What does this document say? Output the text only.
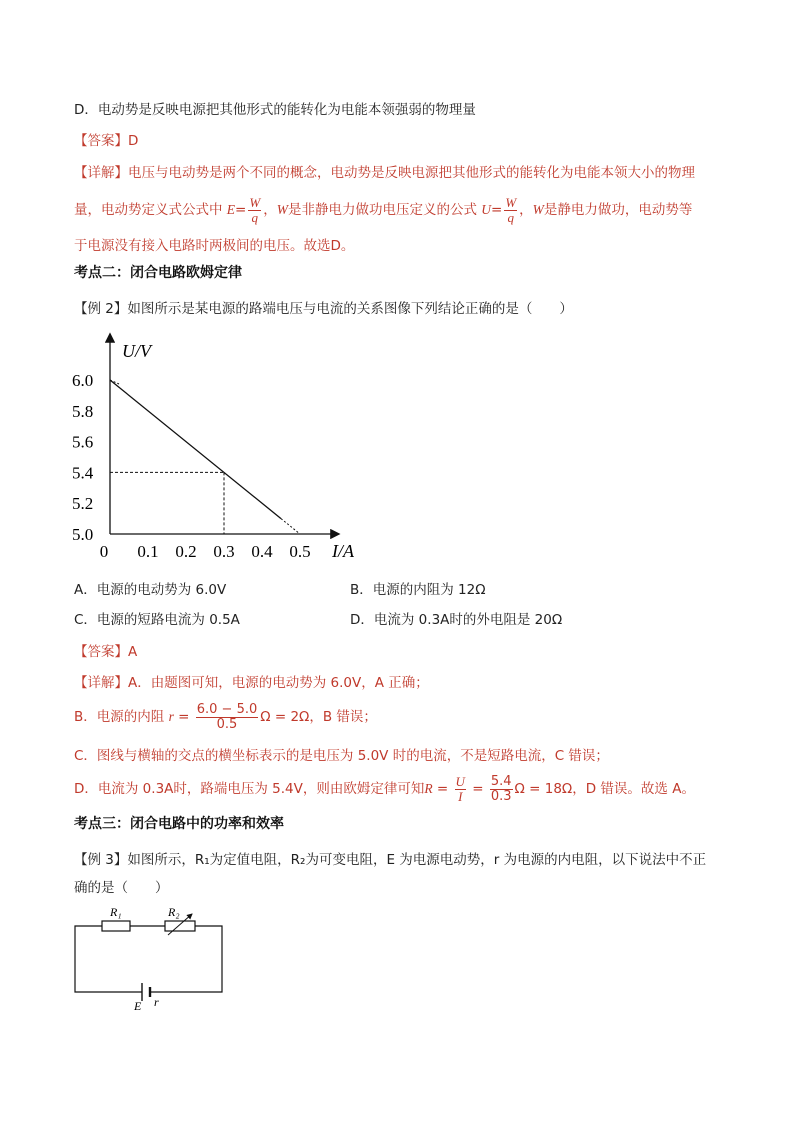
D．电动势是反映电源把其他形式的能转化为电能本领强弱的物理量
【答案】D
【详解】电压与电动势是两个不同的概念，电动势是反映电源把其他形式的能转化为电能本领大小的物理
量，电动势定义式公式中 $E= \frac{W}{q}$ ，W是非静电力做功电压定义的公式 $U= \frac{W}{q}$ ，W是静电力做功，电动势等
于电源没有接入电路时两极间的电压。故选D。
考点二：闭合电路欧姆定律
【例 2】如图所示是某电源的路端电压与电流的关系图像下列结论正确的是（　　）
U/V
I/A
6.0
5.8
5.6
5.4
5.2
5.0
0 0.1 0.2 0.3 0.4 0.5
A．电源的电动势为 6.0V	B．电源的内阻为 12Ω
C．电源的短路电流为 0.5A	D．电流为 0.3A时的外电阻是 20Ω
【答案】A
【详解】A．由题图可知，电源的电动势为 6.0V，A 正确；
B．电源的内阻 $r = \frac{6.0 - 5.0}{0.5}$ Ω = 2Ω，B 错误；
C．图线与横轴的交点的横坐标表示的是电压为 5.0V 时的电流，不是短路电流，C 错误；
D．电流为 0.3A时，路端电压为 5.4V，则由欧姆定律可知$R = \frac{U}{I} = \frac{5.4}{0.3}$ Ω = 18Ω，D 错误。故选 A。
考点三：闭合电路中的功率和效率
【例 3】如图所示，R₁为定值电阻，R₂为可变电阻，E 为电源电动势，r 为电源的内电阻，以下说法中不正
确的是（　　）
R₁	R₂
E r
